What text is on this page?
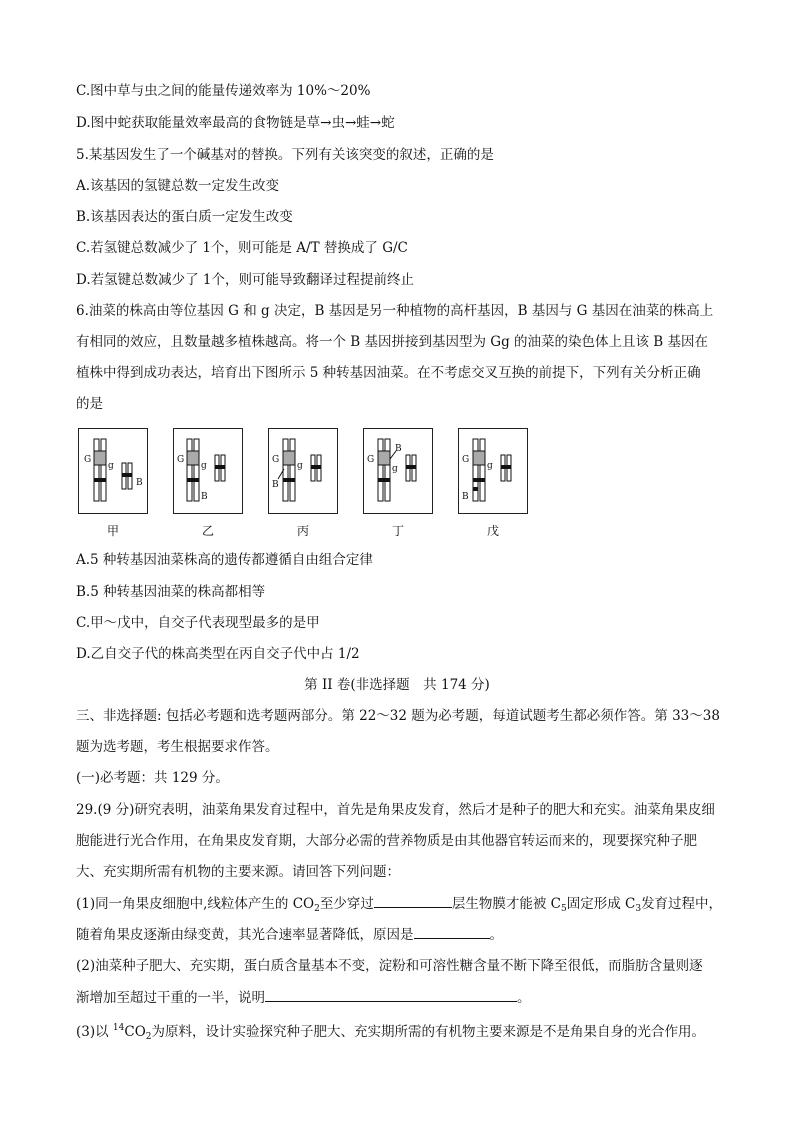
C.图中草与虫之间的能量传递效率为 10%～20%
D.图中蛇获取能量效率最高的食物链是草→虫→蛙→蛇
5.某基因发生了一个碱基对的替换。下列有关该突变的叙述，正确的是
A.该基因的氢键总数一定发生改变
B.该基因表达的蛋白质一定发生改变
C.若氢键总数减少了 1个，则可能是 A/T 替换成了 G/C
D.若氢键总数减少了 1个，则可能导致翻译过程提前终止
6.油菜的株高由等位基因 G 和 g 决定，B 基因是另一种植物的高杆基因，B 基因与 G 基因在油菜的株高上
有相同的效应，且数量越多植株越高。将一个 B 基因拼接到基因型为 Gg 的油菜的染色体上且该 B 基因在
植株中得到成功表达，培育出下图所示 5 种转基因油菜。在不考虑交叉互换的前提下，下列有关分析正确
的是
G
g
B
G
g
B
G
g
B
G
g
B
G
g
B
甲	乙	丙	丁	戊
A.5 种转基因油菜株高的遗传都遵循自由组合定律
B.5 种转基因油菜的株高都相等
C.甲～戊中，自交子代表现型最多的是甲
D.乙自交子代的株高类型在丙自交子代中占 1/2
第 II 卷(非选择题　共 174 分)
三、非选择题: 包括必考题和选考题两部分。第 22～32 题为必考题，每道试题考生都必须作答。第 33～38
题为选考题，考生根据要求作答。
(一)必考题：共 129 分。
29.(9 分)研究表明，油菜角果发育过程中，首先是角果皮发育，然后才是种子的肥大和充实。油菜角果皮细
胞能进行光合作用，在角果皮发育期，大部分必需的营养物质是由其他器官转运而来的，现要探究种子肥
大、充实期所需有机物的主要来源。请回答下列问题：
(1)同一角果皮细胞中,线粒体产生的 $CO_2$至少穿过	层生物膜才能被 $C_5$固定形成 $C_3$发育过程中，
随着角果皮逐渐由绿变黄，其光合速率显著降低，原因是	。
(2)油菜种子肥大、充实期，蛋白质含量基本不变，淀粉和可溶性糖含量不断下降至很低，而脂肪含量则逐
渐增加至超过干重的一半，说明	。
(3)以 $^{14}CO_2$为原料，设计实验探究种子肥大、充实期所需的有机物主要来源是不是角果自身的光合作用。
